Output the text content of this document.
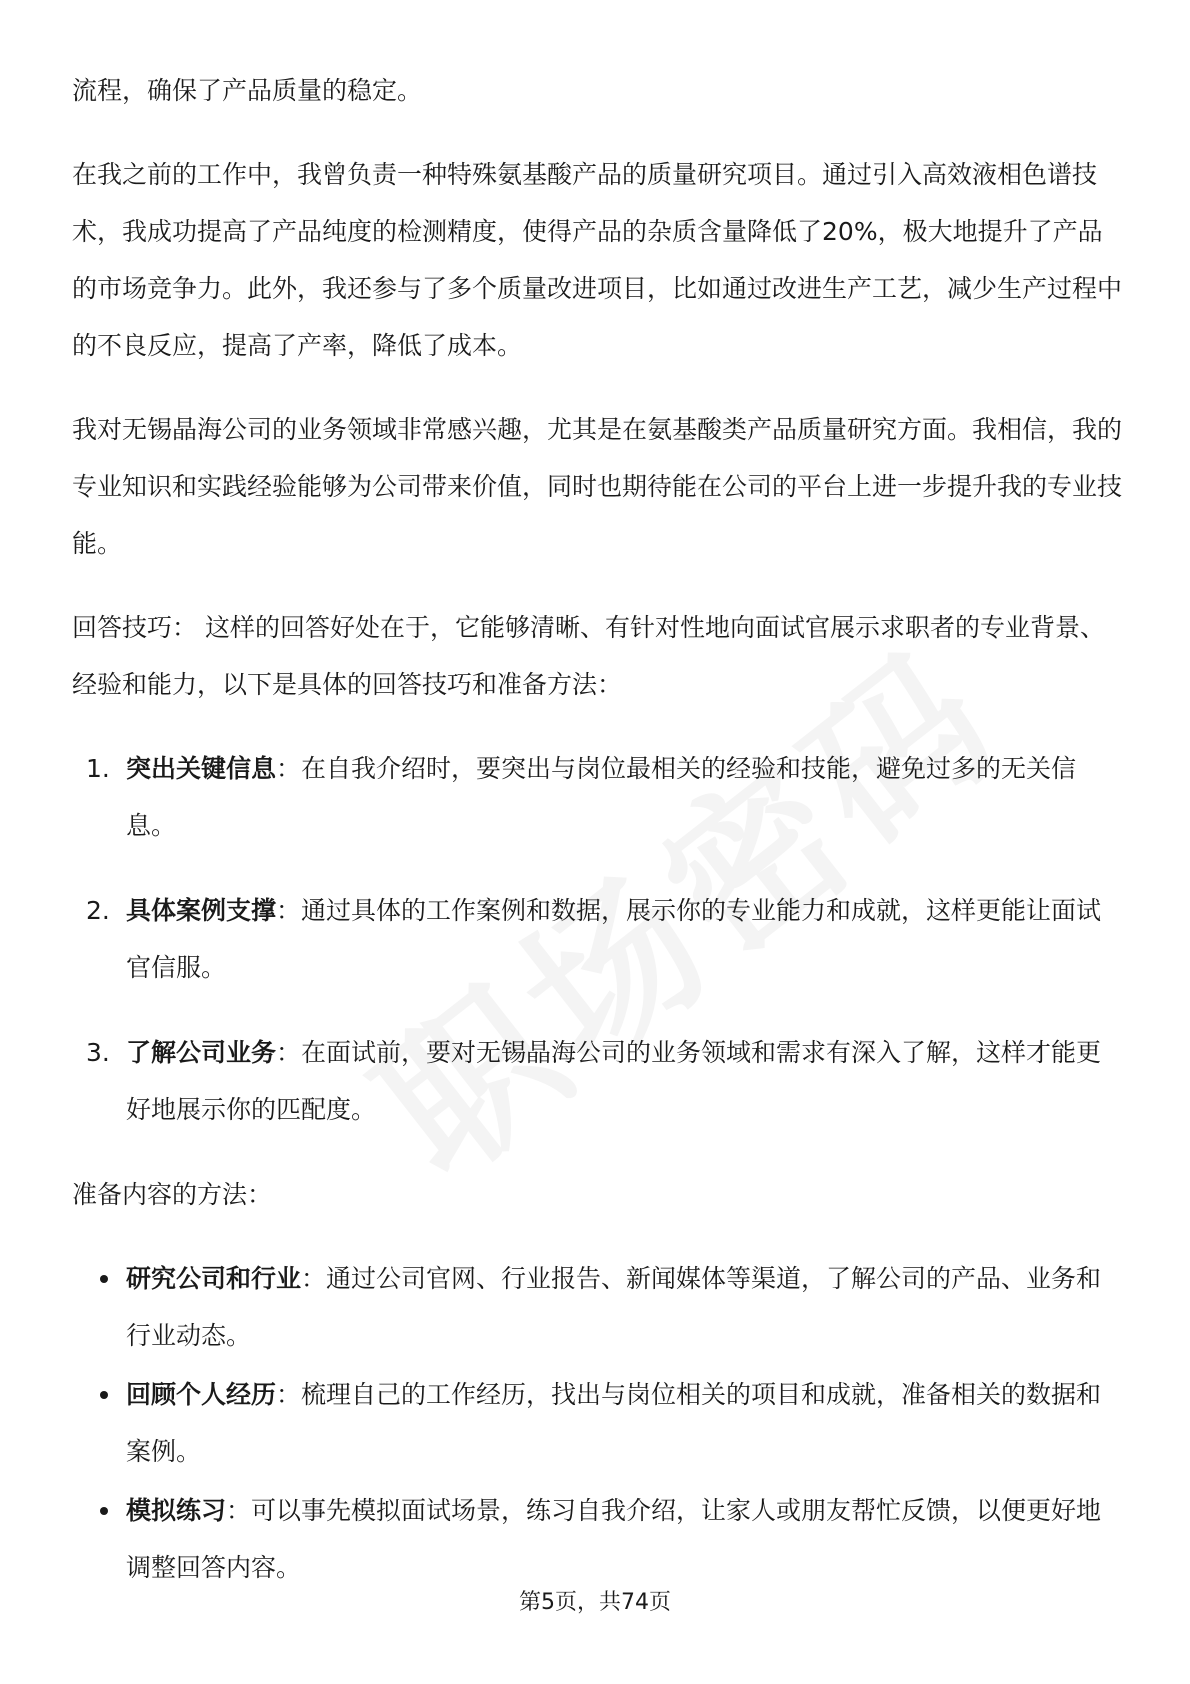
流程，确保了产品质量的稳定。

在我之前的工作中，我曾负责一种特殊氨基酸产品的质量研究项目。通过引入高效液相色谱技术，我成功提高了产品纯度的检测精度，使得产品的杂质含量降低了20%，极大地提升了产品的市场竞争力。此外，我还参与了多个质量改进项目，比如通过改进生产工艺，减少生产过程中的不良反应，提高了产率，降低了成本。

我对无锡晶海公司的业务领域非常感兴趣，尤其是在氨基酸类产品质量研究方面。我相信，我的专业知识和实践经验能够为公司带来价值，同时也期待能在公司的平台上进一步提升我的专业技能。

回答技巧： 这样的回答好处在于，它能够清晰、有针对性地向面试官展示求职者的专业背景、经验和能力，以下是具体的回答技巧和准备方法：

1. 突出关键信息：在自我介绍时，要突出与岗位最相关的经验和技能，避免过多的无关信息。
2. 具体案例支撑：通过具体的工作案例和数据，展示你的专业能力和成就，这样更能让面试官信服。
3. 了解公司业务：在面试前，要对无锡晶海公司的业务领域和需求有深入了解，这样才能更好地展示你的匹配度。

准备内容的方法：

研究公司和行业：通过公司官网、行业报告、新闻媒体等渠道，了解公司的产品、业务和行业动态。
回顾个人经历：梳理自己的工作经历，找出与岗位相关的项目和成就，准备相关的数据和案例。
模拟练习：可以事先模拟面试场景，练习自我介绍，让家人或朋友帮忙反馈，以便更好地调整回答内容。
第5页，共74页
